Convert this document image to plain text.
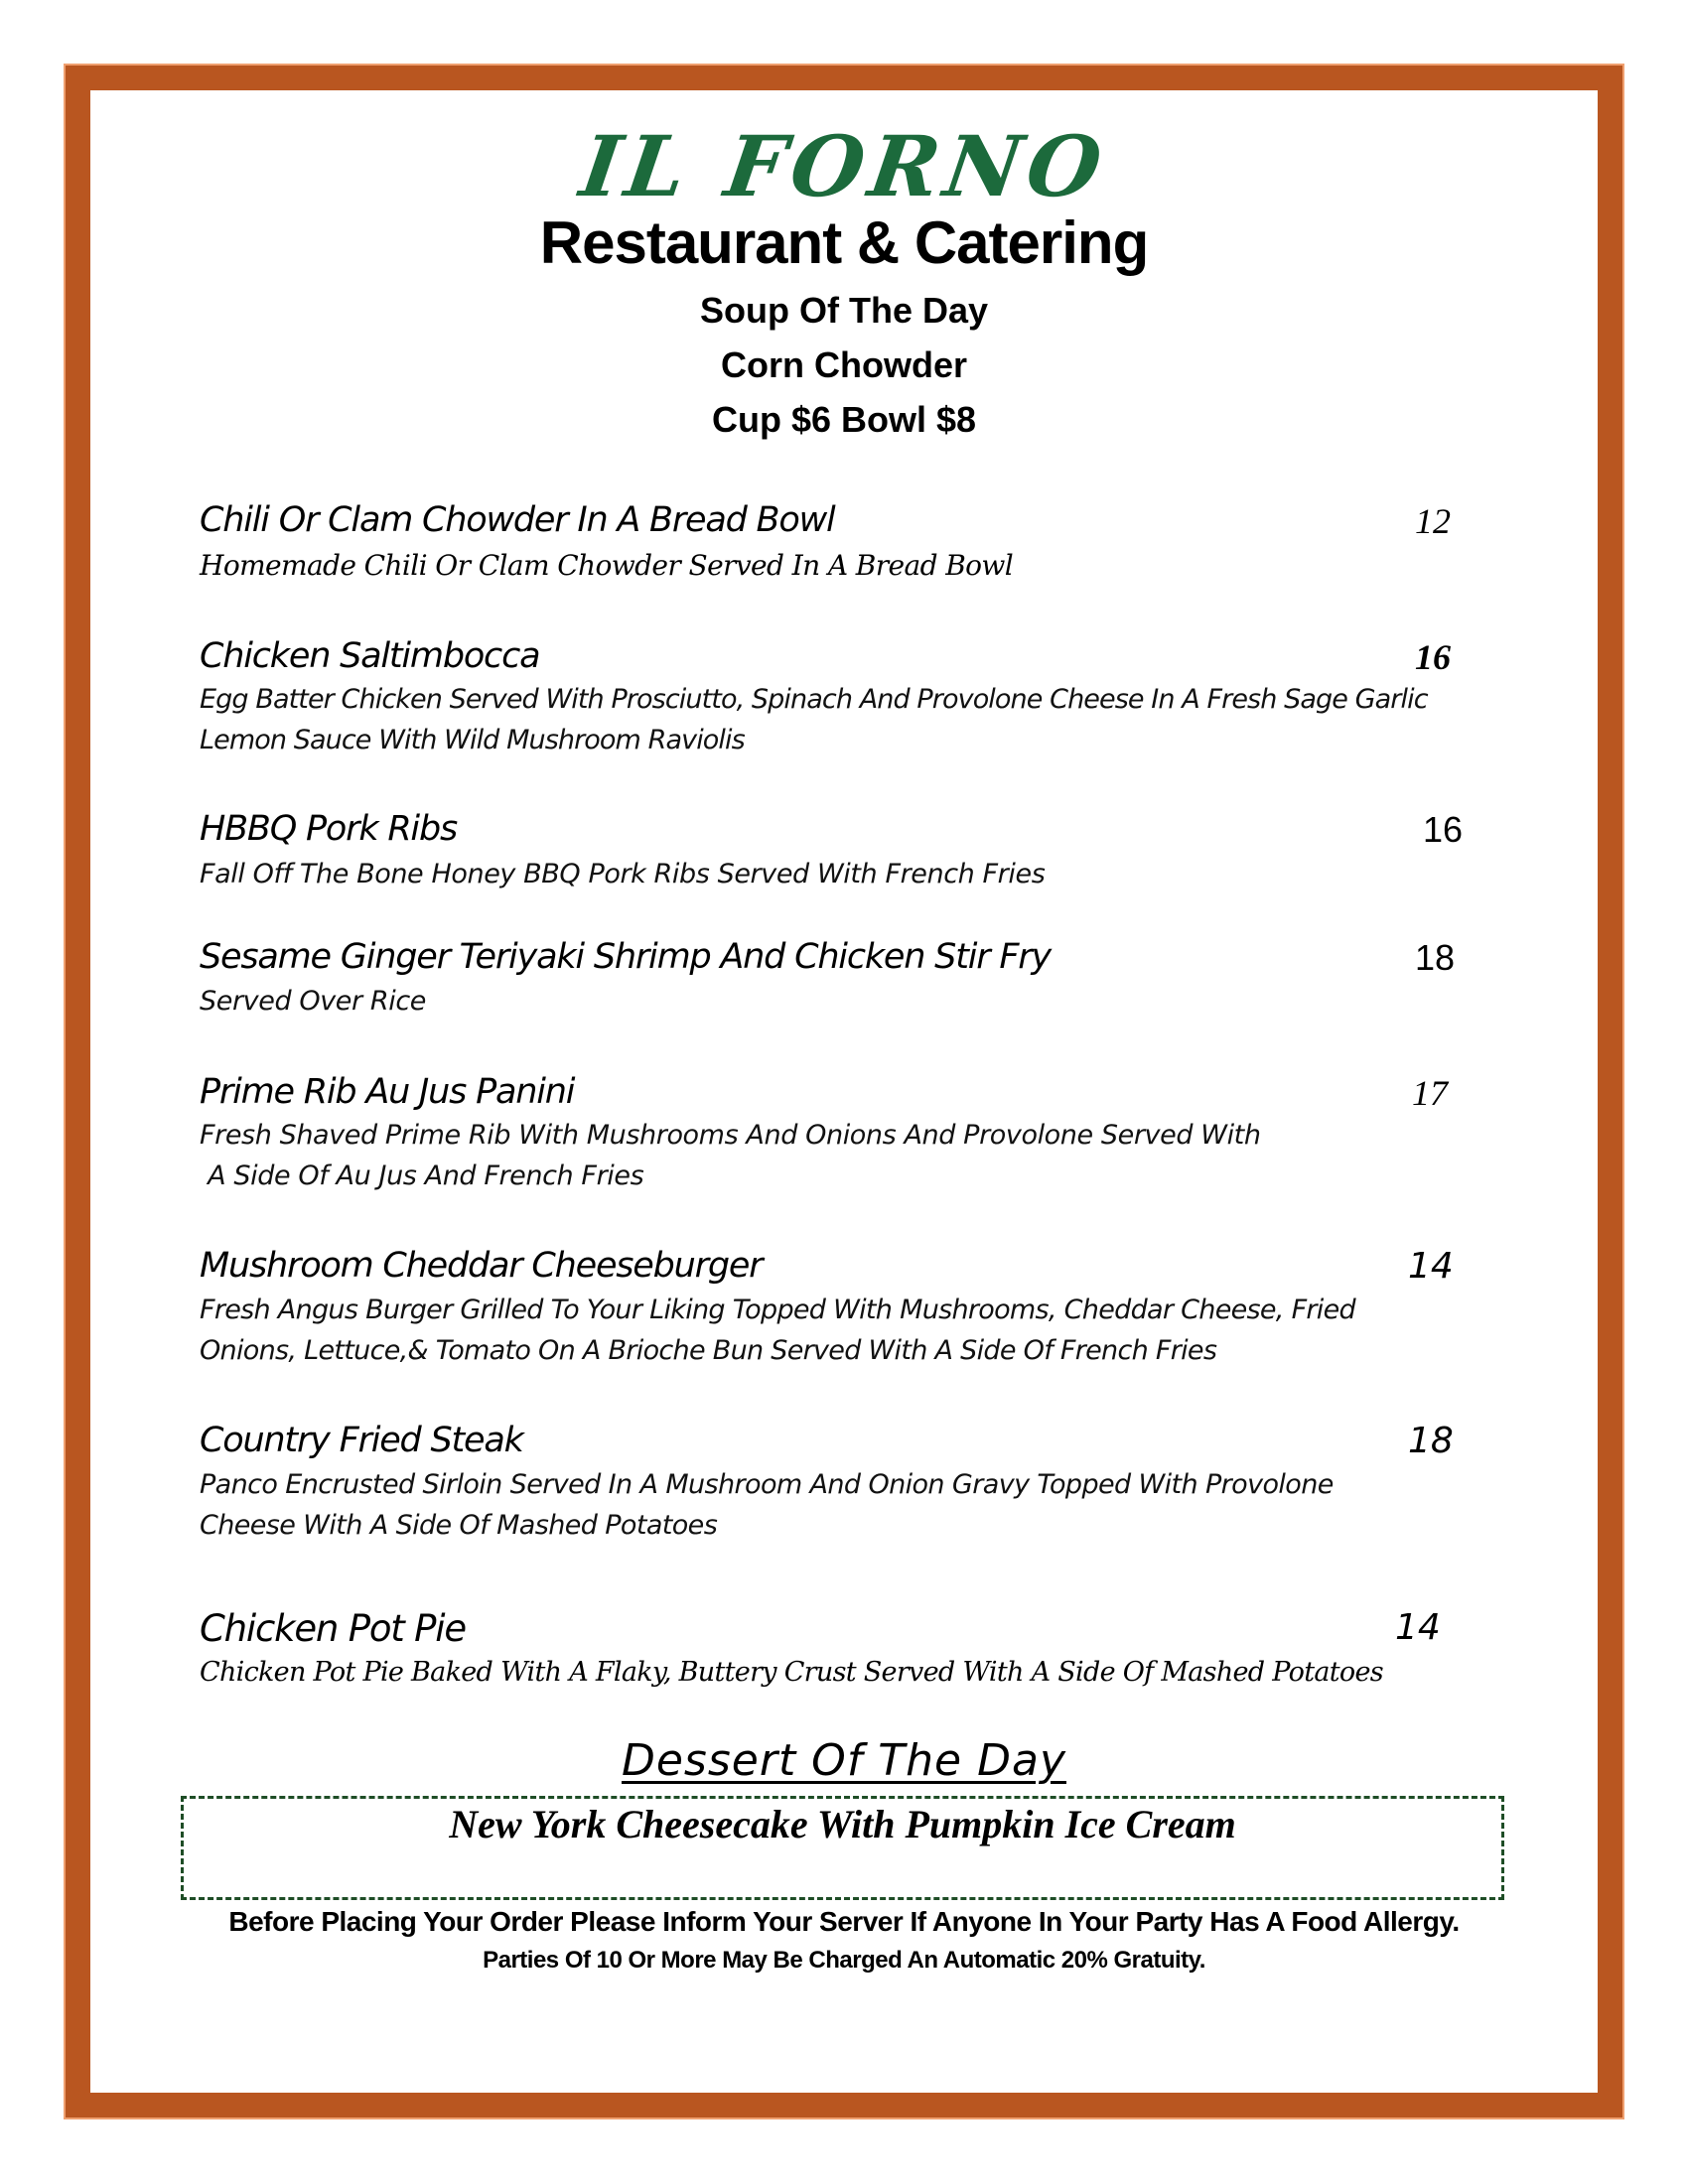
IL FORNO
Restaurant & Catering
Soup Of The Day
Corn Chowder
Cup $6 Bowl $8
Chili Or Clam Chowder In A Bread Bowl	12
Homemade Chili Or Clam Chowder Served In A Bread Bowl
Chicken Saltimbocca	16
Egg Batter Chicken Served With Prosciutto, Spinach And Provolone Cheese In A Fresh Sage Garlic
Lemon Sauce With Wild Mushroom Raviolis
HBBQ Pork Ribs	16
Fall Off The Bone Honey BBQ Pork Ribs Served With French Fries
Sesame Ginger Teriyaki Shrimp And Chicken Stir Fry	18
Served Over Rice
Prime Rib Au Jus Panini	17
Fresh Shaved Prime Rib With Mushrooms And Onions And Provolone Served With
A Side Of Au Jus And French Fries
Mushroom Cheddar Cheeseburger	14
Fresh Angus Burger Grilled To Your Liking Topped With Mushrooms, Cheddar Cheese, Fried
Onions, Lettuce,& Tomato On A Brioche Bun Served With A Side Of French Fries
Country Fried Steak	18
Panco Encrusted Sirloin Served In A Mushroom And Onion Gravy Topped With Provolone
Cheese With A Side Of Mashed Potatoes
Chicken Pot Pie	14
Chicken Pot Pie Baked With A Flaky, Buttery Crust Served With A Side Of Mashed Potatoes
Dessert Of The Day
New York Cheesecake With Pumpkin Ice Cream
Before Placing Your Order Please Inform Your Server If Anyone In Your Party Has A Food Allergy.
Parties Of 10 Or More May Be Charged An Automatic 20% Gratuity.
